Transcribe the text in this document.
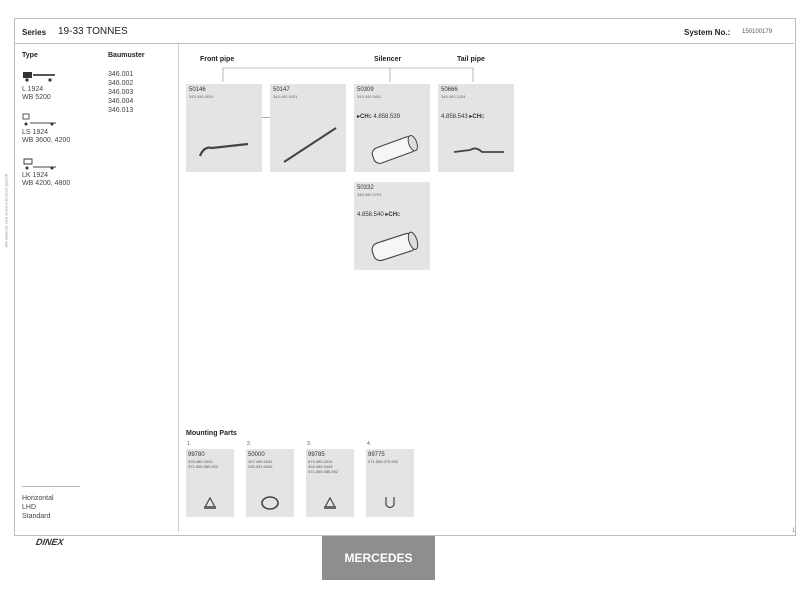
Alle Bauteile sind anhand Eurosol geprüft.
Series 19-33 TONNES	System No.: 150100179
Type	Baumuster
Front pipe	Silencer	Tail pipe
L 1924
WB 5200
LS 1924
WB 3600, 4200
LK 1924
WB 4200, 4800
346.001
346.002
346.003
346.004
346.013
50146
343.490.0519
50147
343.492.1001
50309
343.490.0401
▸CHc 4.858.539
50666
346.493.1204
4.858.543 ▸CHc
50332
346.490.0701
4.858.540 ▸CHc
Mounting Parts
1.
99780
303.460.0343
071.505.080.502
2.
50000
307.490.0041
335.491.0046
3.
99785
674.490.2010
303.460.0443
071.555.085.502
4.
99775
071.555.075.502
Horizontal
LHD
Standard
1
DINEX
MERCEDES
